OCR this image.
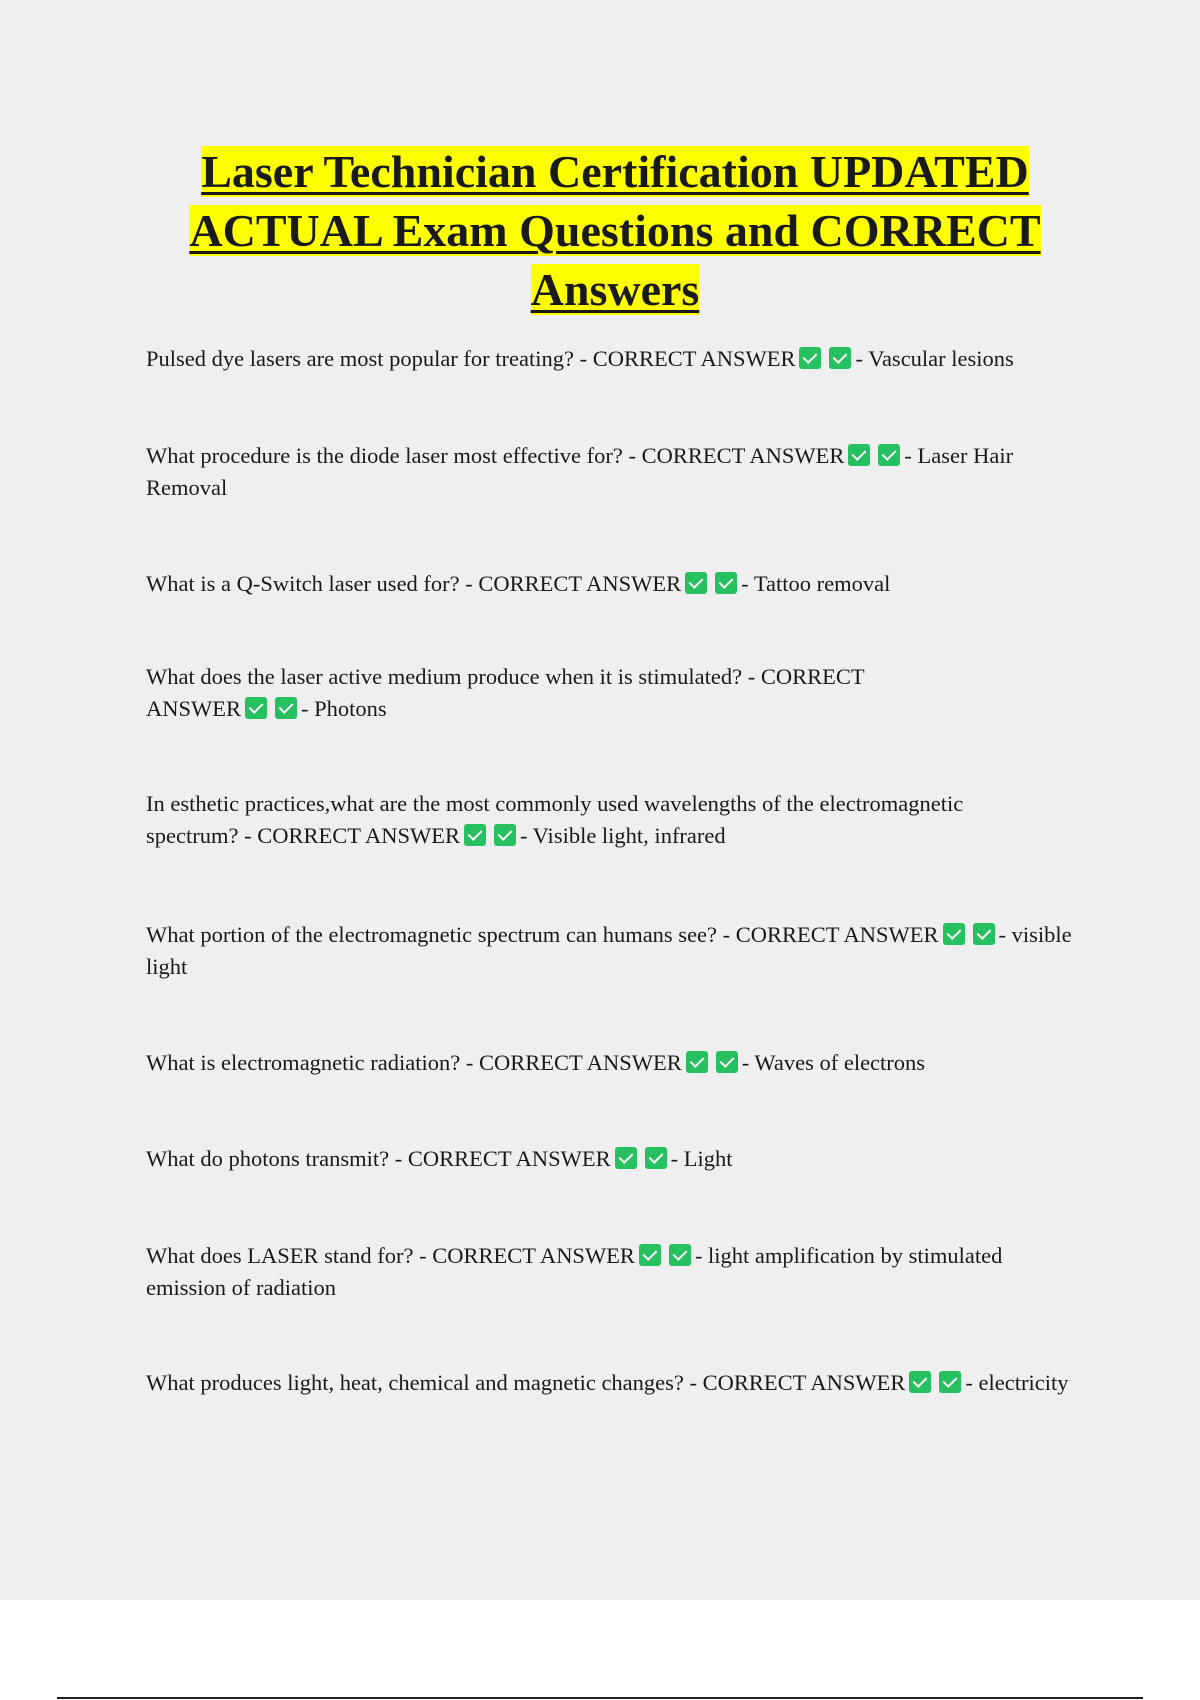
Laser Technician Certification UPDATED ACTUAL Exam Questions and CORRECT Answers

Pulsed dye lasers are most popular for treating? - CORRECT ANSWER	- Vascular lesions

What procedure is the diode laser most effective for? - CORRECT ANSWER	- Laser Hair Removal

What is a Q-Switch laser used for? - CORRECT ANSWER	- Tattoo removal

What does the laser active medium produce when it is stimulated? - CORRECT ANSWER	- Photons

In esthetic practices,what are the most commonly used wavelengths of the electromagnetic spectrum? - CORRECT ANSWER	- Visible light, infrared

What portion of the electromagnetic spectrum can humans see? - CORRECT ANSWER	- visible light

What is electromagnetic radiation? - CORRECT ANSWER	- Waves of electrons

What do photons transmit? - CORRECT ANSWER	- Light

What does LASER stand for? - CORRECT ANSWER	- light amplification by stimulated emission of radiation

What produces light, heat, chemical and magnetic changes? - CORRECT ANSWER	- electricity
